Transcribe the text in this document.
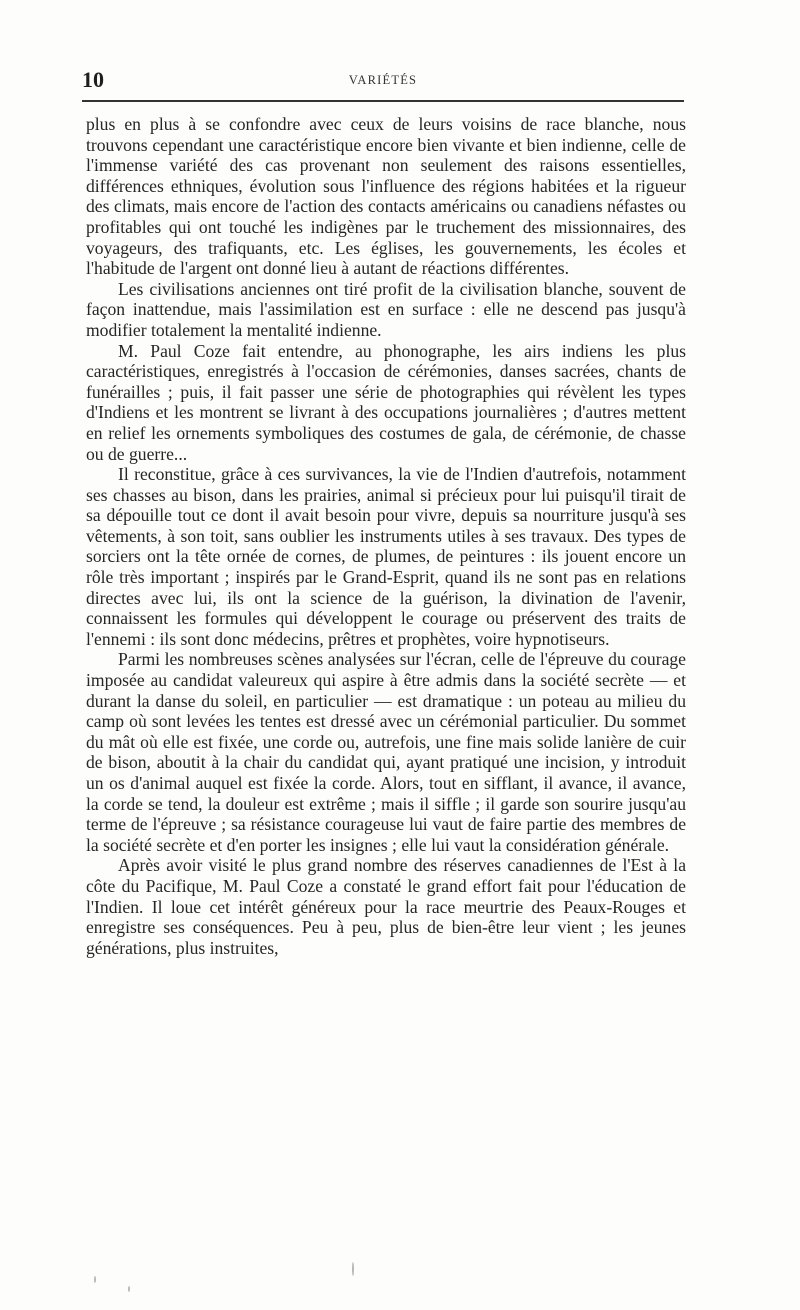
10	VARIÉTÉS

plus en plus à se confondre avec ceux de leurs voisins de race blanche, nous trouvons cependant une caractéristique encore bien vivante et bien indienne, celle de l'immense variété des cas provenant non seulement des raisons essentielles, différences ethniques, évolution sous l'influence des régions habitées et la rigueur des climats, mais encore de l'action des contacts américains ou canadiens néfastes ou profitables qui ont touché les indigènes par le truchement des missionnaires, des voyageurs, des trafiquants, etc. Les églises, les gouvernements, les écoles et l'habitude de l'argent ont donné lieu à autant de réactions différentes.

Les civilisations anciennes ont tiré profit de la civilisation blanche, souvent de façon inattendue, mais l'assimilation est en surface : elle ne descend pas jusqu'à modifier totalement la mentalité indienne.

M. Paul Coze fait entendre, au phonographe, les airs indiens les plus caractéristiques, enregistrés à l'occasion de cérémonies, danses sacrées, chants de funérailles ; puis, il fait passer une série de photographies qui révèlent les types d'Indiens et les montrent se livrant à des occupations journalières ; d'autres mettent en relief les ornements symboliques des costumes de gala, de cérémonie, de chasse ou de guerre...

Il reconstitue, grâce à ces survivances, la vie de l'Indien d'autrefois, notamment ses chasses au bison, dans les prairies, animal si précieux pour lui puisqu'il tirait de sa dépouille tout ce dont il avait besoin pour vivre, depuis sa nourriture jusqu'à ses vêtements, à son toit, sans oublier les instruments utiles à ses travaux. Des types de sorciers ont la tête ornée de cornes, de plumes, de peintures : ils jouent encore un rôle très important ; inspirés par le Grand-Esprit, quand ils ne sont pas en relations directes avec lui, ils ont la science de la guérison, la divination de l'avenir, connaissent les formules qui développent le courage ou préservent des traits de l'ennemi : ils sont donc médecins, prêtres et prophètes, voire hypnotiseurs.

Parmi les nombreuses scènes analysées sur l'écran, celle de l'épreuve du courage imposée au candidat valeureux qui aspire à être admis dans la société secrète — et durant la danse du soleil, en particulier — est dramatique : un poteau au milieu du camp où sont levées les tentes est dressé avec un cérémonial particulier. Du sommet du mât où elle est fixée, une corde ou, autrefois, une fine mais solide lanière de cuir de bison, aboutit à la chair du candidat qui, ayant pratiqué une incision, y introduit un os d'animal auquel est fixée la corde. Alors, tout en sifflant, il avance, il avance, la corde se tend, la douleur est extrême ; mais il siffle ; il garde son sourire jusqu'au terme de l'épreuve ; sa résistance courageuse lui vaut de faire partie des membres de la société secrète et d'en porter les insignes ; elle lui vaut la considération générale.

Après avoir visité le plus grand nombre des réserves canadiennes de l'Est à la côte du Pacifique, M. Paul Coze a constaté le grand effort fait pour l'éducation de l'Indien. Il loue cet intérêt généreux pour la race meurtrie des Peaux-Rouges et enregistre ses conséquences. Peu à peu, plus de bien-être leur vient ; les jeunes générations, plus instruites,
